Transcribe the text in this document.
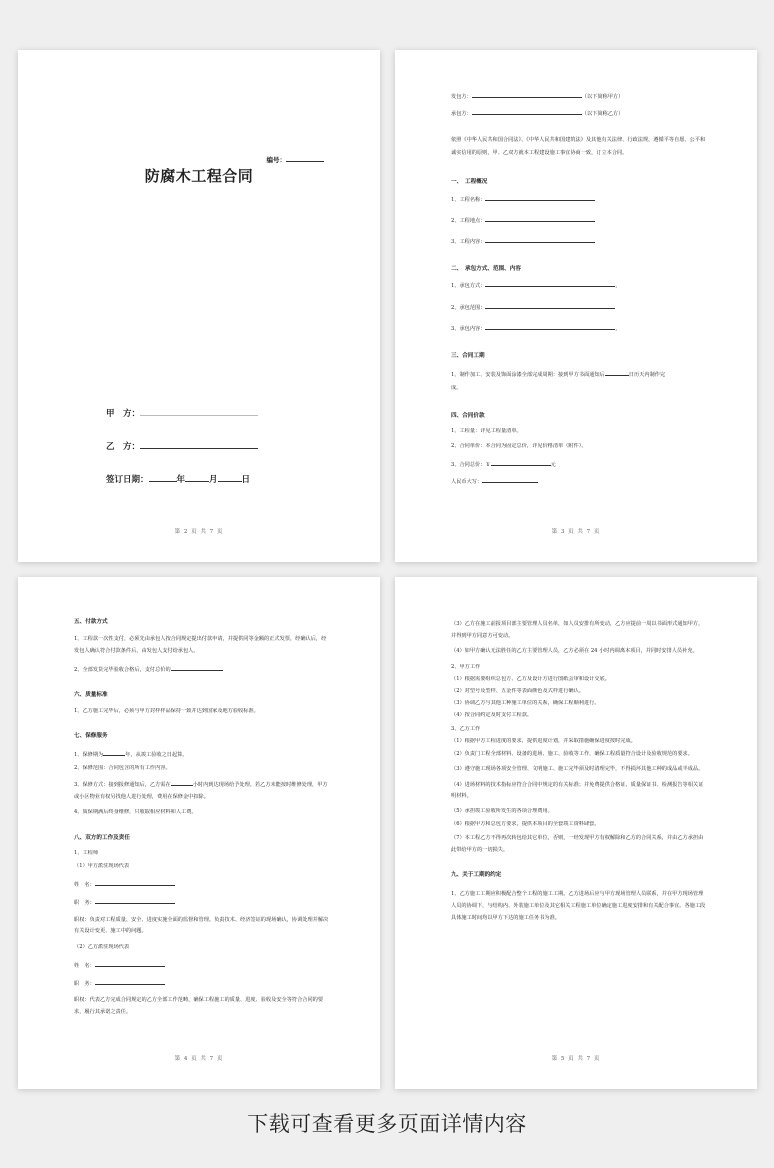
编号：
防腐木工程合同
甲　方：
乙　方：
签订日期：	年	月	日
第 2 页 共 7 页
发包方：	（以下简称甲方）
承包方：	（以下简称乙方）
依照《中华人民共和国合同法》、《中华人民共和国建筑法》及其他有关法律、行政法规，遵循平等自愿、公平和诚实信用的原则，甲、乙双方就本工程建设施工事宜协商一致，订立本合同。
一、　工程概况
1、工程名称：
2、工程地点：
3、工程内容：
二、　承包方式、范围、内容
1、承包方式：	,
2、承包范围：
3、承包内容：	,
三、合同工期
1、制作加工、安装及饰面涂漆全部完成周期：接到甲方书面通知后	日历天内制作完
成。
四、合同价款
1、工程量：详见工程量清单。
2、合同单价：本合同为固定总价，详见价格清单（附件）。
3、合同总价：￥	元
人民币大写：
第 3 页 共 7 页
五、付款方式
1、工程款一次性支付，必须先由承包人按合同规定提出付款申请，并提供同等金额的正式发票，经确认后，经发包人确认符合付款条件后，由发包人支付给承包人。
2、全部发货完毕验收合格后，支付总价的
六、质量标准
1、乙方施工完毕后，必须与甲方封样样品保持一致并达到国家及地方验收标准。
七、保修服务
1、保修期为	年，从竣工验收之日起算。
2、保修范围：合同包含的所有工作内容。
3、保修方式：接到报修通知后，乙方需在	小时内到达现场给予处理。若乙方未能按时维修处理，甲方或小区物业有权另找他人进行处理，费用在保修金中扣除。
4、质保期满后终身维修，只收取相应材料和人工费。
八、双方的工作及责任
1、工程师
（1）甲方派驻现场代表
姓　名：
职　务：
职权：负责对工程质量、安全、进度实施全面的监督和管理。负责技术、经济签证的现场确认，协调处理并解决有关设计变更、施工中的问题。
（2）乙方派驻现场代表
姓　名：
职　务：
职权：代表乙方完成合同规定的乙方全部工作范畴，确保工程施工的质量、进度、验收及安全等符合合同的要求，履行其承诺之责任。
第 4 页 共 7 页
（3）乙方在施工前报项目部主要管理人员名单，如人员安排有所变动，乙方应提前一周以书面形式通知甲方，并得到甲方同意方可变动。
（4）如甲方确认无法胜任的乙方主要管理人员，乙方必须在 24 小时内调离本项目，并同时安排人员补充。
2、甲方工作
（1）根据需要组织总包方、乙方及设计方进行图纸会审和设计交底。
（2）对型号及型样、五金件等表面颜色及式样进行确认。
（3）协调乙方与其他工种施工单位的关系，确保工程顺利进行。
（4）按合同约定及时支付工程款。
3、乙方工作
（1）根据甲方工程进度的要求，提供进度计划，并采取措施确保进度按时完成。
（2）负责门工程全部材料、设备的进场、施工、验收等工作，确保工程质量符合设计及验收规范的要求。
（3）遵守施工现场各项安全管理、文明施工、施工完毕须及时清理完毕，不得损坏其他工种的成品或半成品。
（4）进场材料的技术指标应符合合同中规定的有关标准；并免费提供合格证、质量保证书、检测报告等相关证明材料。
（5）承担竣工验收所发生的各项合理费用。
（6）根据甲方和总包方要求，提供本项目的全套竣工资料肆套。
（7）本工程乙方不得再次转包给其它单位，否则，一经发现甲方有权解除和乙方的合同关系，并由乙方承担由此带给甲方的一切损失。
九、关于工期的约定
1、乙方施工工期应积极配合整个工程的施工工期。乙方进场后应与甲方现场管理人员联系，并在甲方现场管理人员的协调下，与结构内、外装施工单位及其它相关工程施工单位确定施工进度安排和有关配合事宜。各施工段具体施工时间均以甲方下达的施工任务书为准。
第 5 页 共 7 页
下载可查看更多页面详情内容
